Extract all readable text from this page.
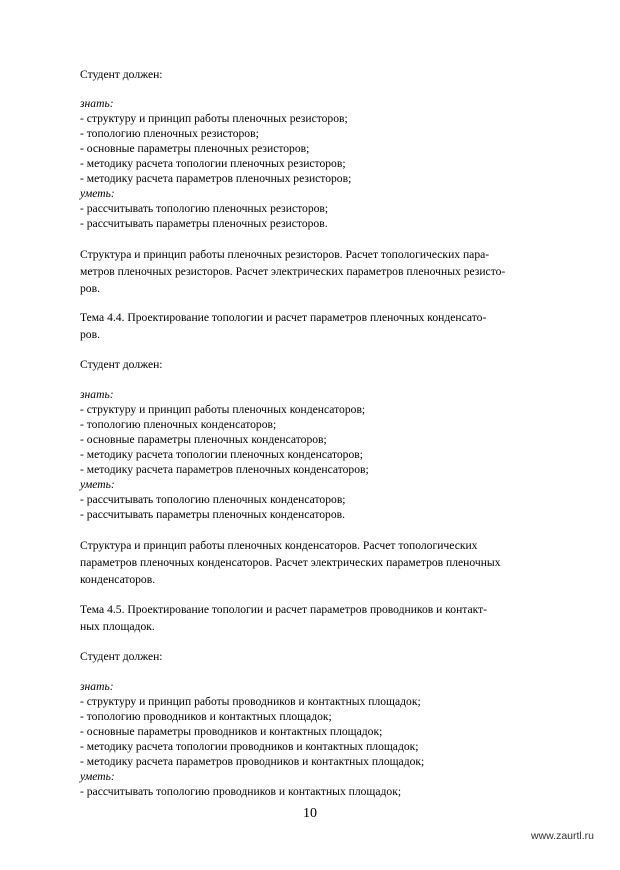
Студент должен:
знать:
- структуру и принцип работы пленочных резисторов;
- топологию пленочных резисторов;
- основные параметры пленочных резисторов;
- методику расчета топологии пленочных резисторов;
- методику расчета параметров пленочных резисторов;
уметь:
- рассчитывать топологию пленочных резисторов;
- рассчитывать параметры пленочных резисторов.
Структура и принцип работы пленочных резисторов. Расчет топологических пара-
метров пленочных резисторов. Расчет электрических параметров пленочных резисто-
ров.
Тема 4.4. Проектирование топологии и расчет параметров пленочных конденсато-
ров.
Студент должен:
знать:
- структуру и принцип работы пленочных конденсаторов;
- топологию пленочных конденсаторов;
- основные параметры пленочных конденсаторов;
- методику расчета топологии пленочных конденсаторов;
- методику расчета параметров пленочных конденсаторов;
уметь:
- рассчитывать топологию пленочных конденсаторов;
- рассчитывать параметры пленочных конденсаторов.
Структура и принцип работы пленочных конденсаторов. Расчет топологических
параметров пленочных конденсаторов. Расчет электрических параметров пленочных
конденсаторов.
Тема 4.5. Проектирование топологии и расчет параметров проводников и контакт-
ных площадок.
Студент должен:
знать:
- структуру и принцип работы проводников и контактных площадок;
- топологию проводников и контактных площадок;
- основные параметры проводников и контактных площадок;
- методику расчета топологии проводников и контактных площадок;
- методику расчета параметров проводников и контактных площадок;
уметь:
- рассчитывать топологию проводников и контактных площадок;
10
www.zaurtl.ru
